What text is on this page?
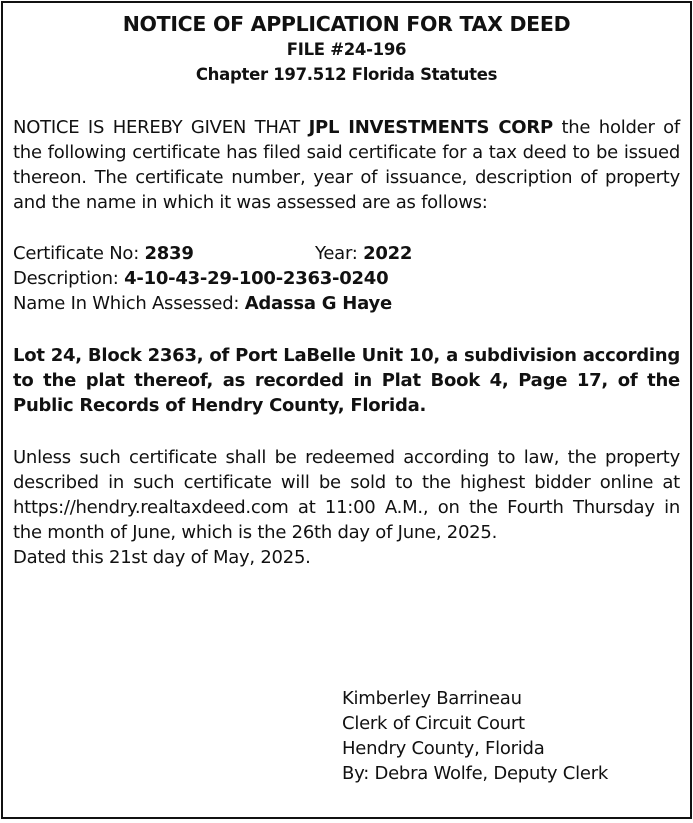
NOTICE OF APPLICATION FOR TAX DEED
FILE #24-196
Chapter 197.512 Florida Statutes
NOTICE IS HEREBY GIVEN THAT JPL INVESTMENTS CORP the holder of the following certificate has filed said certificate for a tax deed to be issued thereon. The certificate number, year of issuance, description of property and the name in which it was assessed are as follows:
Certificate No: 2839	Year: 2022
Description: 4-10-43-29-100-2363-0240
Name In Which Assessed: Adassa G Haye
Lot 24, Block 2363, of Port LaBelle Unit 10, a subdivision according to the plat thereof, as recorded in Plat Book 4, Page 17, of the Public Records of Hendry County, Florida.
Unless such certificate shall be redeemed according to law, the property described in such certificate will be sold to the highest bidder online at https://hendry.realtaxdeed.com at 11:00 A.M., on the Fourth Thursday in the month of June, which is the 26th day of June, 2025.
Dated this 21st day of May, 2025.
Kimberley Barrineau
Clerk of Circuit Court
Hendry County, Florida
By: Debra Wolfe, Deputy Clerk
